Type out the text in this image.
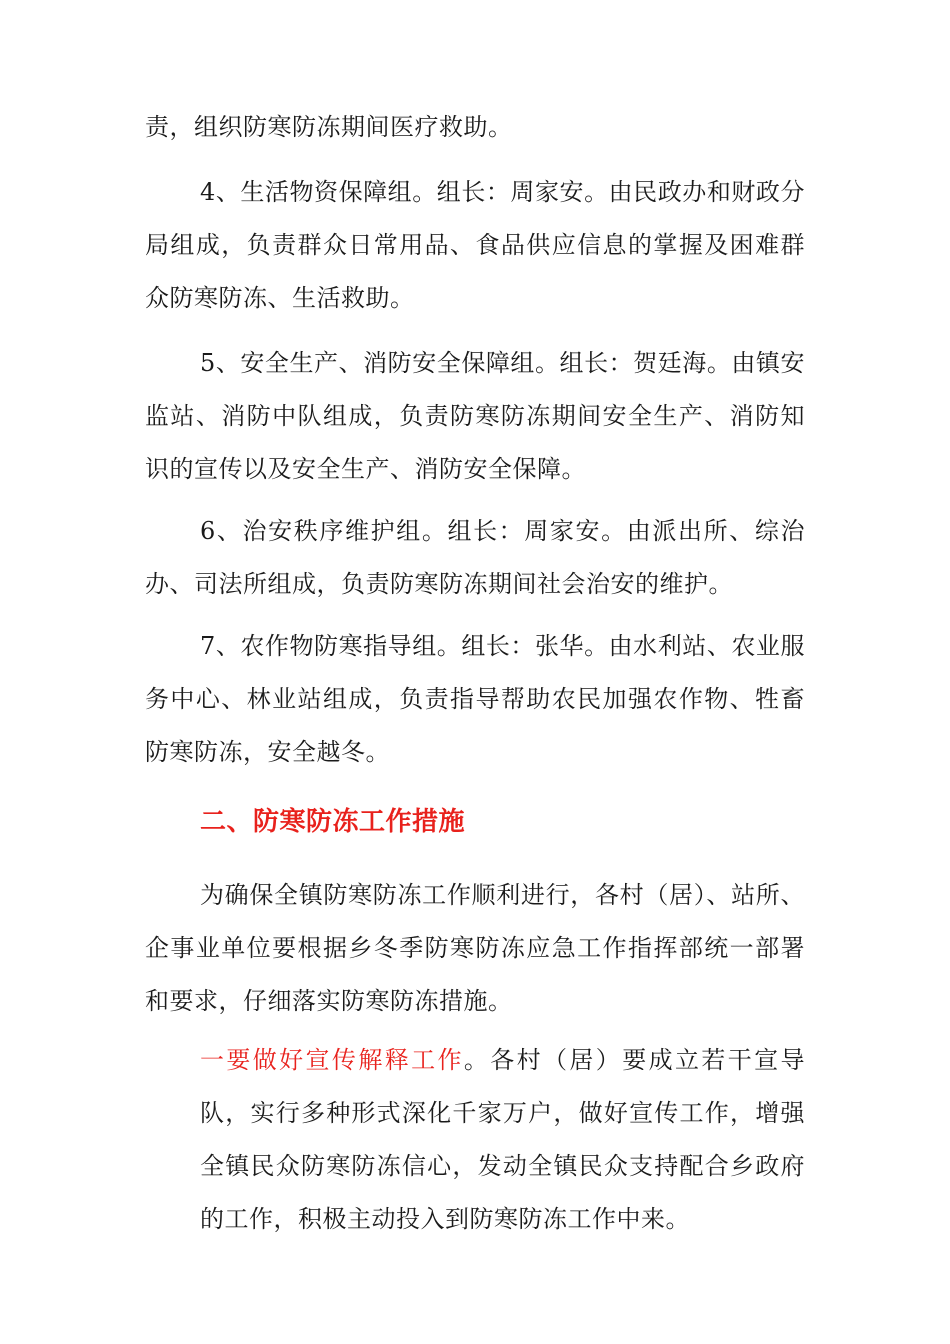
责，组织防寒防冻期间医疗救助。

4、生活物资保障组。组长：周家安。由民政办和财政分局组成，负责群众日常用品、食品供应信息的掌握及困难群众防寒防冻、生活救助。

5、安全生产、消防安全保障组。组长：贺廷海。由镇安监站、消防中队组成，负责防寒防冻期间安全生产、消防知识的宣传以及安全生产、消防安全保障。

6、治安秩序维护组。组长：周家安。由派出所、综治办、司法所组成，负责防寒防冻期间社会治安的维护。

7、农作物防寒指导组。组长：张华。由水利站、农业服务中心、林业站组成，负责指导帮助农民加强农作物、牲畜防寒防冻，安全越冬。

二、防寒防冻工作措施

为确保全镇防寒防冻工作顺利进行，各村（居）、站所、企事业单位要根据乡冬季防寒防冻应急工作指挥部统一部署和要求，仔细落实防寒防冻措施。

一要做好宣传解释工作。各村（居）要成立若干宣导队，实行多种形式深化千家万户，做好宣传工作，增强全镇民众防寒防冻信心，发动全镇民众支持配合乡政府的工作，积极主动投入到防寒防冻工作中来。
